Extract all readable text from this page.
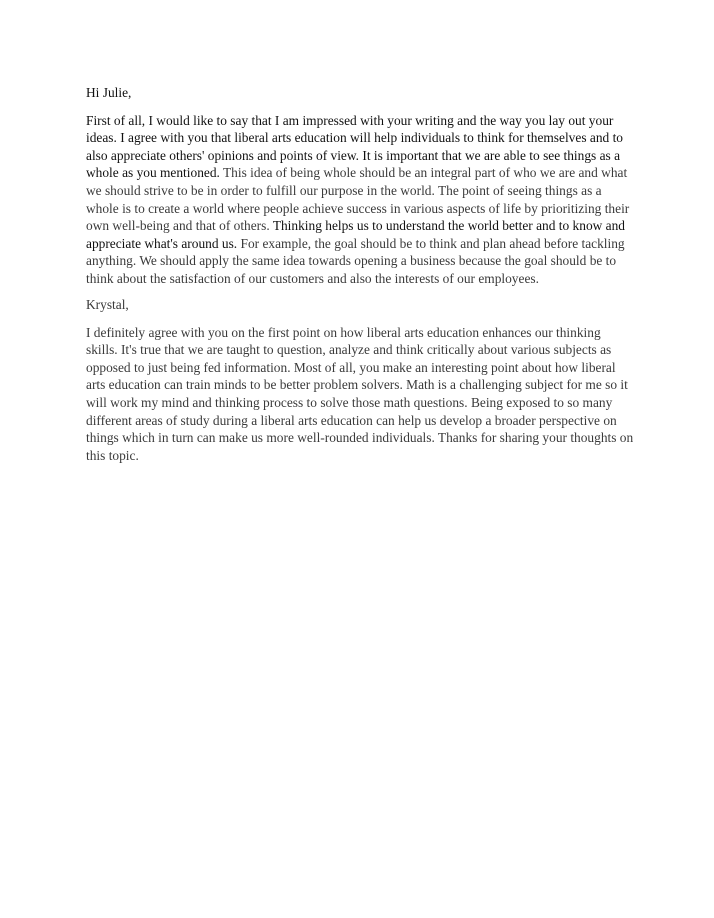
Hi Julie,

First of all, I would like to say that I am impressed with your writing and the way you lay out your ideas. I agree with you that liberal arts education will help individuals to think for themselves and to also appreciate others' opinions and points of view. It is important that we are able to see things as a whole as you mentioned. This idea of being whole should be an integral part of who we are and what we should strive to be in order to fulfill our purpose in the world. The point of seeing things as a whole is to create a world where people achieve success in various aspects of life by prioritizing their own well-being and that of others. Thinking helps us to understand the world better and to know and appreciate what's around us. For example, the goal should be to think and plan ahead before tackling anything. We should apply the same idea towards opening a business because the goal should be to think about the satisfaction of our customers and also the interests of our employees.

Krystal,

I definitely agree with you on the first point on how liberal arts education enhances our thinking skills. It's true that we are taught to question, analyze and think critically about various subjects as opposed to just being fed information. Most of all, you make an interesting point about how liberal arts education can train minds to be better problem solvers. Math is a challenging subject for me so it will work my mind and thinking process to solve those math questions. Being exposed to so many different areas of study during a liberal arts education can help us develop a broader perspective on things which in turn can make us more well-rounded individuals. Thanks for sharing your thoughts on this topic.
